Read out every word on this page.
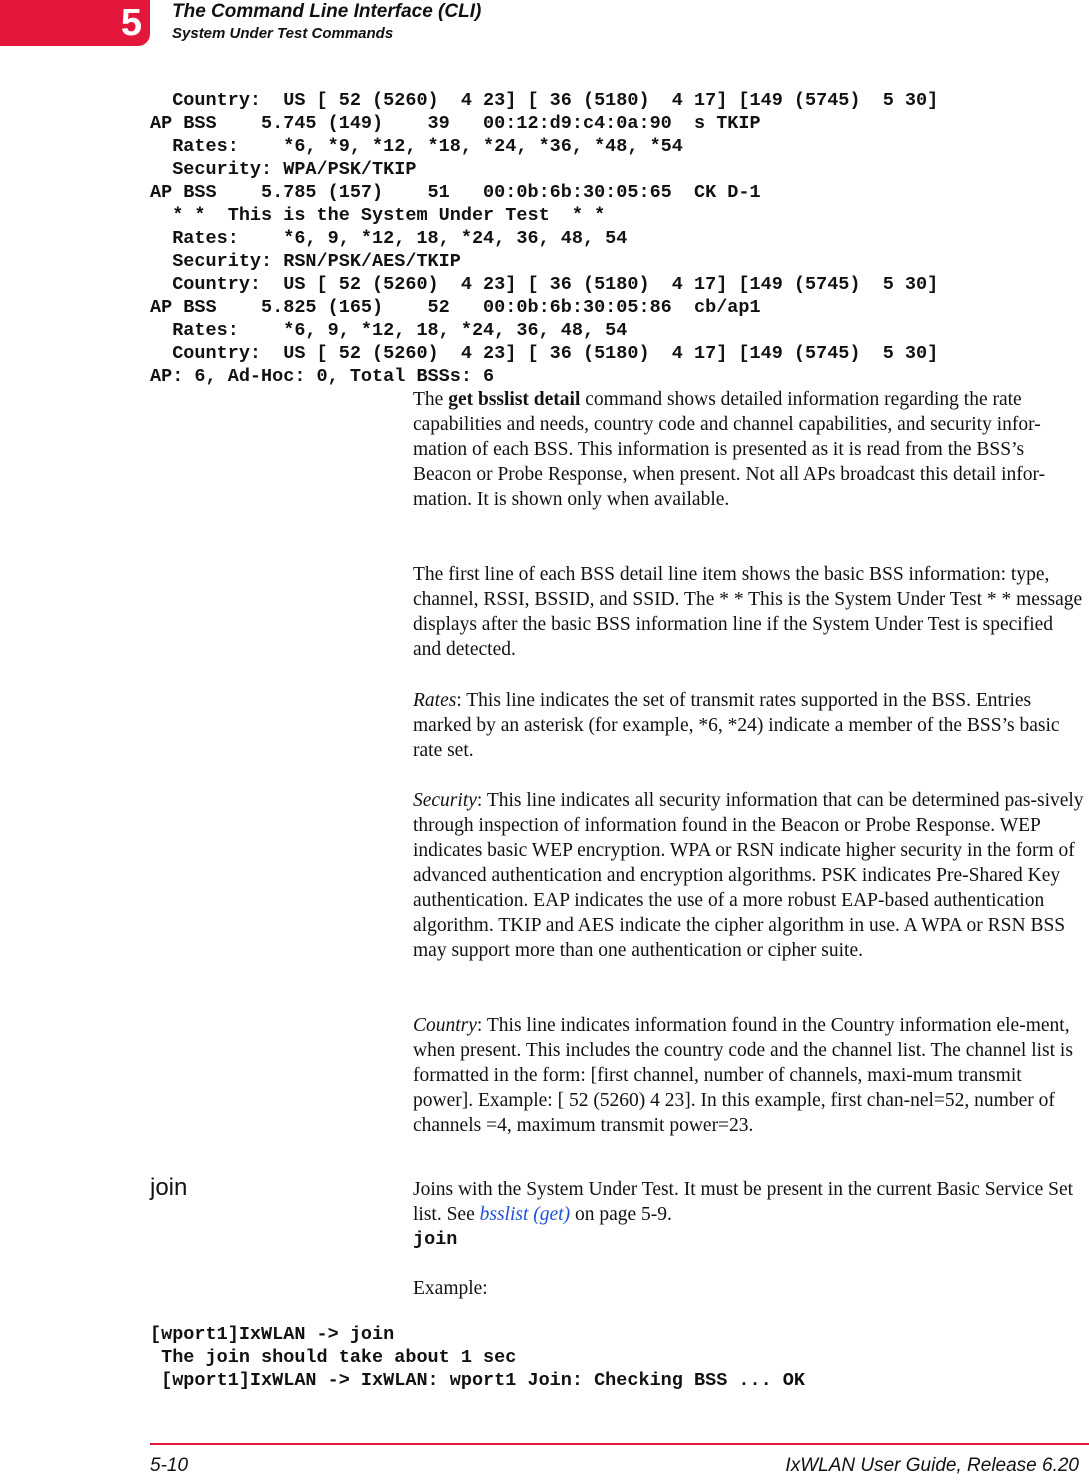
5 The Command Line Interface (CLI)
System Under Test Commands
Country:  US [ 52 (5260)  4 23] [ 36 (5180)  4 17] [149 (5745)  5 30]
AP BSS    5.745 (149)    39   00:12:d9:c4:0a:90  s TKIP
Rates:    *6, *9, *12, *18, *24, *36, *48, *54
Security: WPA/PSK/TKIP
AP BSS    5.785 (157)    51   00:0b:6b:30:05:65  CK D-1
* *  This is the System Under Test  * *
Rates:    *6, 9, *12, 18, *24, 36, 48, 54
Security: RSN/PSK/AES/TKIP
Country:  US [ 52 (5260)  4 23] [ 36 (5180)  4 17] [149 (5745)  5 30]
AP BSS    5.825 (165)    52   00:0b:6b:30:05:86  cb/ap1
Rates:    *6, 9, *12, 18, *24, 36, 48, 54
Country:  US [ 52 (5260)  4 23] [ 36 (5180)  4 17] [149 (5745)  5 30]
AP: 6, Ad-Hoc: 0, Total BSSs: 6
The get bsslist detail command shows detailed information regarding the rate capabilities and needs, country code and channel capabilities, and security infor-mation of each BSS. This information is presented as it is read from the BSS’s Beacon or Probe Response, when present. Not all APs broadcast this detail infor-mation. It is shown only when available.
The first line of each BSS detail line item shows the basic BSS information: type, channel, RSSI, BSSID, and SSID. The * * This is the System Under Test * * message displays after the basic BSS information line if the System Under Test is specified and detected.
Rates: This line indicates the set of transmit rates supported in the BSS. Entries marked by an asterisk (for example, *6, *24) indicate a member of the BSS’s basic rate set.
Security: This line indicates all security information that can be determined pas-sively through inspection of information found in the Beacon or Probe Response. WEP indicates basic WEP encryption. WPA or RSN indicate higher security in the form of advanced authentication and encryption algorithms. PSK indicates Pre-Shared Key authentication. EAP indicates the use of a more robust EAP-based authentication algorithm. TKIP and AES indicate the cipher algorithm in use. A WPA or RSN BSS may support more than one authentication or cipher suite.
Country: This line indicates information found in the Country information ele-ment, when present. This includes the country code and the channel list. The channel list is formatted in the form: [first channel, number of channels, maxi-mum transmit power]. Example: [ 52 (5260) 4 23]. In this example, first chan-nel=52, number of channels =4, maximum transmit power=23.
join	Joins with the System Under Test. It must be present in the current Basic Service Set list. See bsslist (get) on page 5-9.
join
Example:
[wport1]IxWLAN -> join
The join should take about 1 sec
[wport1]IxWLAN -> IxWLAN: wport1 Join: Checking BSS ... OK
5-10	IxWLAN User Guide, Release 6.20
